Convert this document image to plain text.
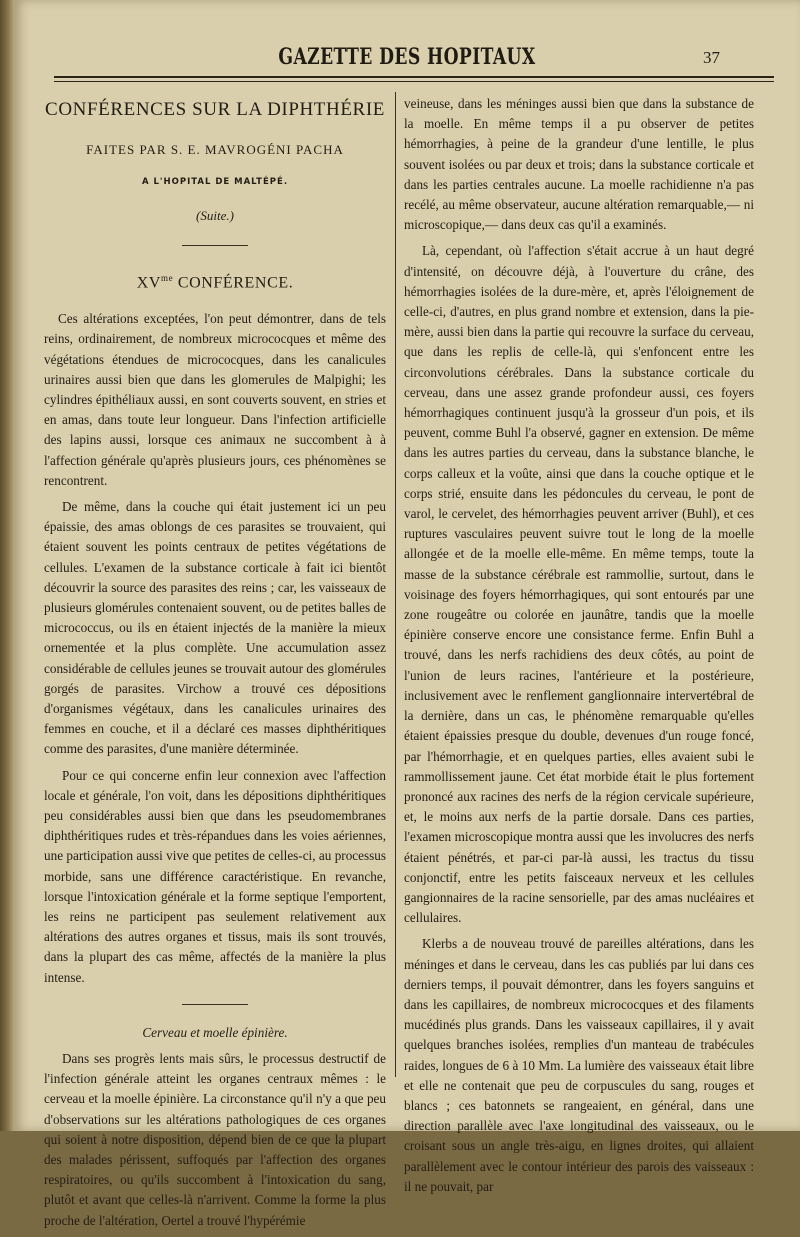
GAZETTE DES HOPITAUX	37
CONFÉRENCES SUR LA DIPHTHÉRIE
FAITES PAR S. E. MAVROGÉNI PACHA
A L'HOPITAL DE MALTÉPÉ.
(Suite.)
$XV^{me}$ CONFÉRENCE.

Ces altérations exceptées, l'on peut démontrer, dans de tels reins, ordinairement, de nombreux micrococques et même des végétations étendues de micrococques, dans les canalicules urinaires aussi bien que dans les glomerules de Malpighi; les cylindres épithéliaux aussi, en sont couverts souvent, en stries et en amas, dans toute leur longueur. Dans l'infection artificielle des lapins aussi, lorsque ces animaux ne succombent à à l'affection générale qu'après plusieurs jours, ces phénomènes se rencontrent.

De même, dans la couche qui était justement ici un peu épaissie, des amas oblongs de ces parasites se trouvaient, qui étaient souvent les points centraux de petites végétations de cellules. L'examen de la substance corticale à fait ici bientôt découvrir la source des parasites des reins ; car, les vaisseaux de plusieurs glomérules contenaient souvent, ou de petites balles de micrococcus, ou ils en étaient injectés de la manière la mieux ornementée et la plus complète. Une accumulation assez considérable de cellules jeunes se trouvait autour des glomérules gorgés de parasites. Virchow a trouvé ces dépositions d'organismes végétaux, dans les canalicules urinaires des femmes en couche, et il a déclaré ces masses diphthéritiques comme des parasites, d'une manière déterminée.

Pour ce qui concerne enfin leur connexion avec l'affection locale et générale, l'on voit, dans les dépositions diphthéritiques peu considérables aussi bien que dans les pseudomembranes diphthéritiques rudes et très-répandues dans les voies aériennes, une participation aussi vive que petites de celles-ci, au processus morbide, sans une différence caractéristique. En revanche, lorsque l'intoxication générale et la forme septique l'emportent, les reins ne participent pas seulement relativement aux altérations des autres organes et tissus, mais ils sont trouvés, dans la plupart des cas même, affectés de la manière la plus intense.

Cerveau et moelle épinière.

Dans ses progrès lents mais sûrs, le processus destructif de l'infection générale atteint les organes centraux mêmes : le cerveau et la moelle épinière. La circonstance qu'il n'y a que peu d'observations sur les altérations pathologiques de ces organes qui soient à notre disposition, dépend bien de ce que la plupart des malades périssent, suffoqués par l'affection des organes respiratoires, ou qu'ils succombent à l'intoxication du sang, plutôt et avant que celles-là n'arrivent. Comme la forme la plus proche de l'altération, Oertel a trouvé l'hypérémie

veineuse, dans les méninges aussi bien que dans la substance de la moelle. En même temps il a pu observer de petites hémorrhagies, à peine de la grandeur d'une lentille, le plus souvent isolées ou par deux et trois; dans la substance corticale et dans les parties centrales aucune. La moelle rachidienne n'a pas recélé, au même observateur, aucune altération remarquable,— ni microscopique,— dans deux cas qu'il a examinés.

Là, cependant, où l'affection s'était accrue à un haut degré d'intensité, on découvre déjà, à l'ouverture du crâne, des hémorrhagies isolées de la dure-mère, et, après l'éloignement de celle-ci, d'autres, en plus grand nombre et extension, dans la pie-mère, aussi bien dans la partie qui recouvre la surface du cerveau, que dans les replis de celle-là, qui s'enfoncent entre les circonvolutions cérébrales. Dans la substance corticale du cerveau, dans une assez grande profondeur aussi, ces foyers hémorrhagiques continuent jusqu'à la grosseur d'un pois, et ils peuvent, comme Buhl l'a observé, gagner en extension. De même dans les autres parties du cerveau, dans la substance blanche, le corps calleux et la voûte, ainsi que dans la couche optique et le corps strié, ensuite dans les pédoncules du cerveau, le pont de varol, le cervelet, des hémorrhagies peuvent arriver (Buhl), et ces ruptures vasculaires peuvent suivre tout le long de la moelle allongée et de la moelle elle-même. En même temps, toute la masse de la substance cérébrale est rammollie, surtout, dans le voisinage des foyers hémorrhagiques, qui sont entourés par une zone rougeâtre ou colorée en jaunâtre, tandis que la moelle épinière conserve encore une consistance ferme. Enfin Buhl a trouvé, dans les nerfs rachidiens des deux côtés, au point de l'union de leurs racines, l'antérieure et la postérieure, inclusivement avec le renflement ganglionnaire intervertébral de la dernière, dans un cas, le phénomène remarquable qu'elles étaient épaissies presque du double, devenues d'un rouge foncé, par l'hémorrhagie, et en quelques parties, elles avaient subi le rammollissement jaune. Cet état morbide était le plus fortement prononcé aux racines des nerfs de la région cervicale supérieure, et, le moins aux nerfs de la partie dorsale. Dans ces parties, l'examen microscopique montra aussi que les involucres des nerfs étaient pénétrés, et par-ci par-là aussi, les tractus du tissu conjonctif, entre les petits faisceaux nerveux et les cellules gangionnaires de la racine sensorielle, par des amas nucléaires et cellulaires.

Klerbs a de nouveau trouvé de pareilles altérations, dans les méninges et dans le cerveau, dans les cas publiés par lui dans ces derniers temps, il pouvait démontrer, dans les foyers sanguins et dans les capillaires, de nombreux micrococques et des filaments mucédinés plus grands. Dans les vaisseaux capillaires, il y avait quelques branches isolées, remplies d'un manteau de trabécules raides, longues de 6 à 10 Mm. La lumière des vaisseaux était libre et elle ne contenait que peu de corpuscules du sang, rouges et blancs ; ces batonnets se rangeaient, en général, dans une direction parallèle avec l'axe longitudinal des vaisseaux, ou le croisant sous un angle très-aigu, en lignes droites, qui allaient parallèlement avec le contour intérieur des parois des vaisseaux : il ne pouvait, par
